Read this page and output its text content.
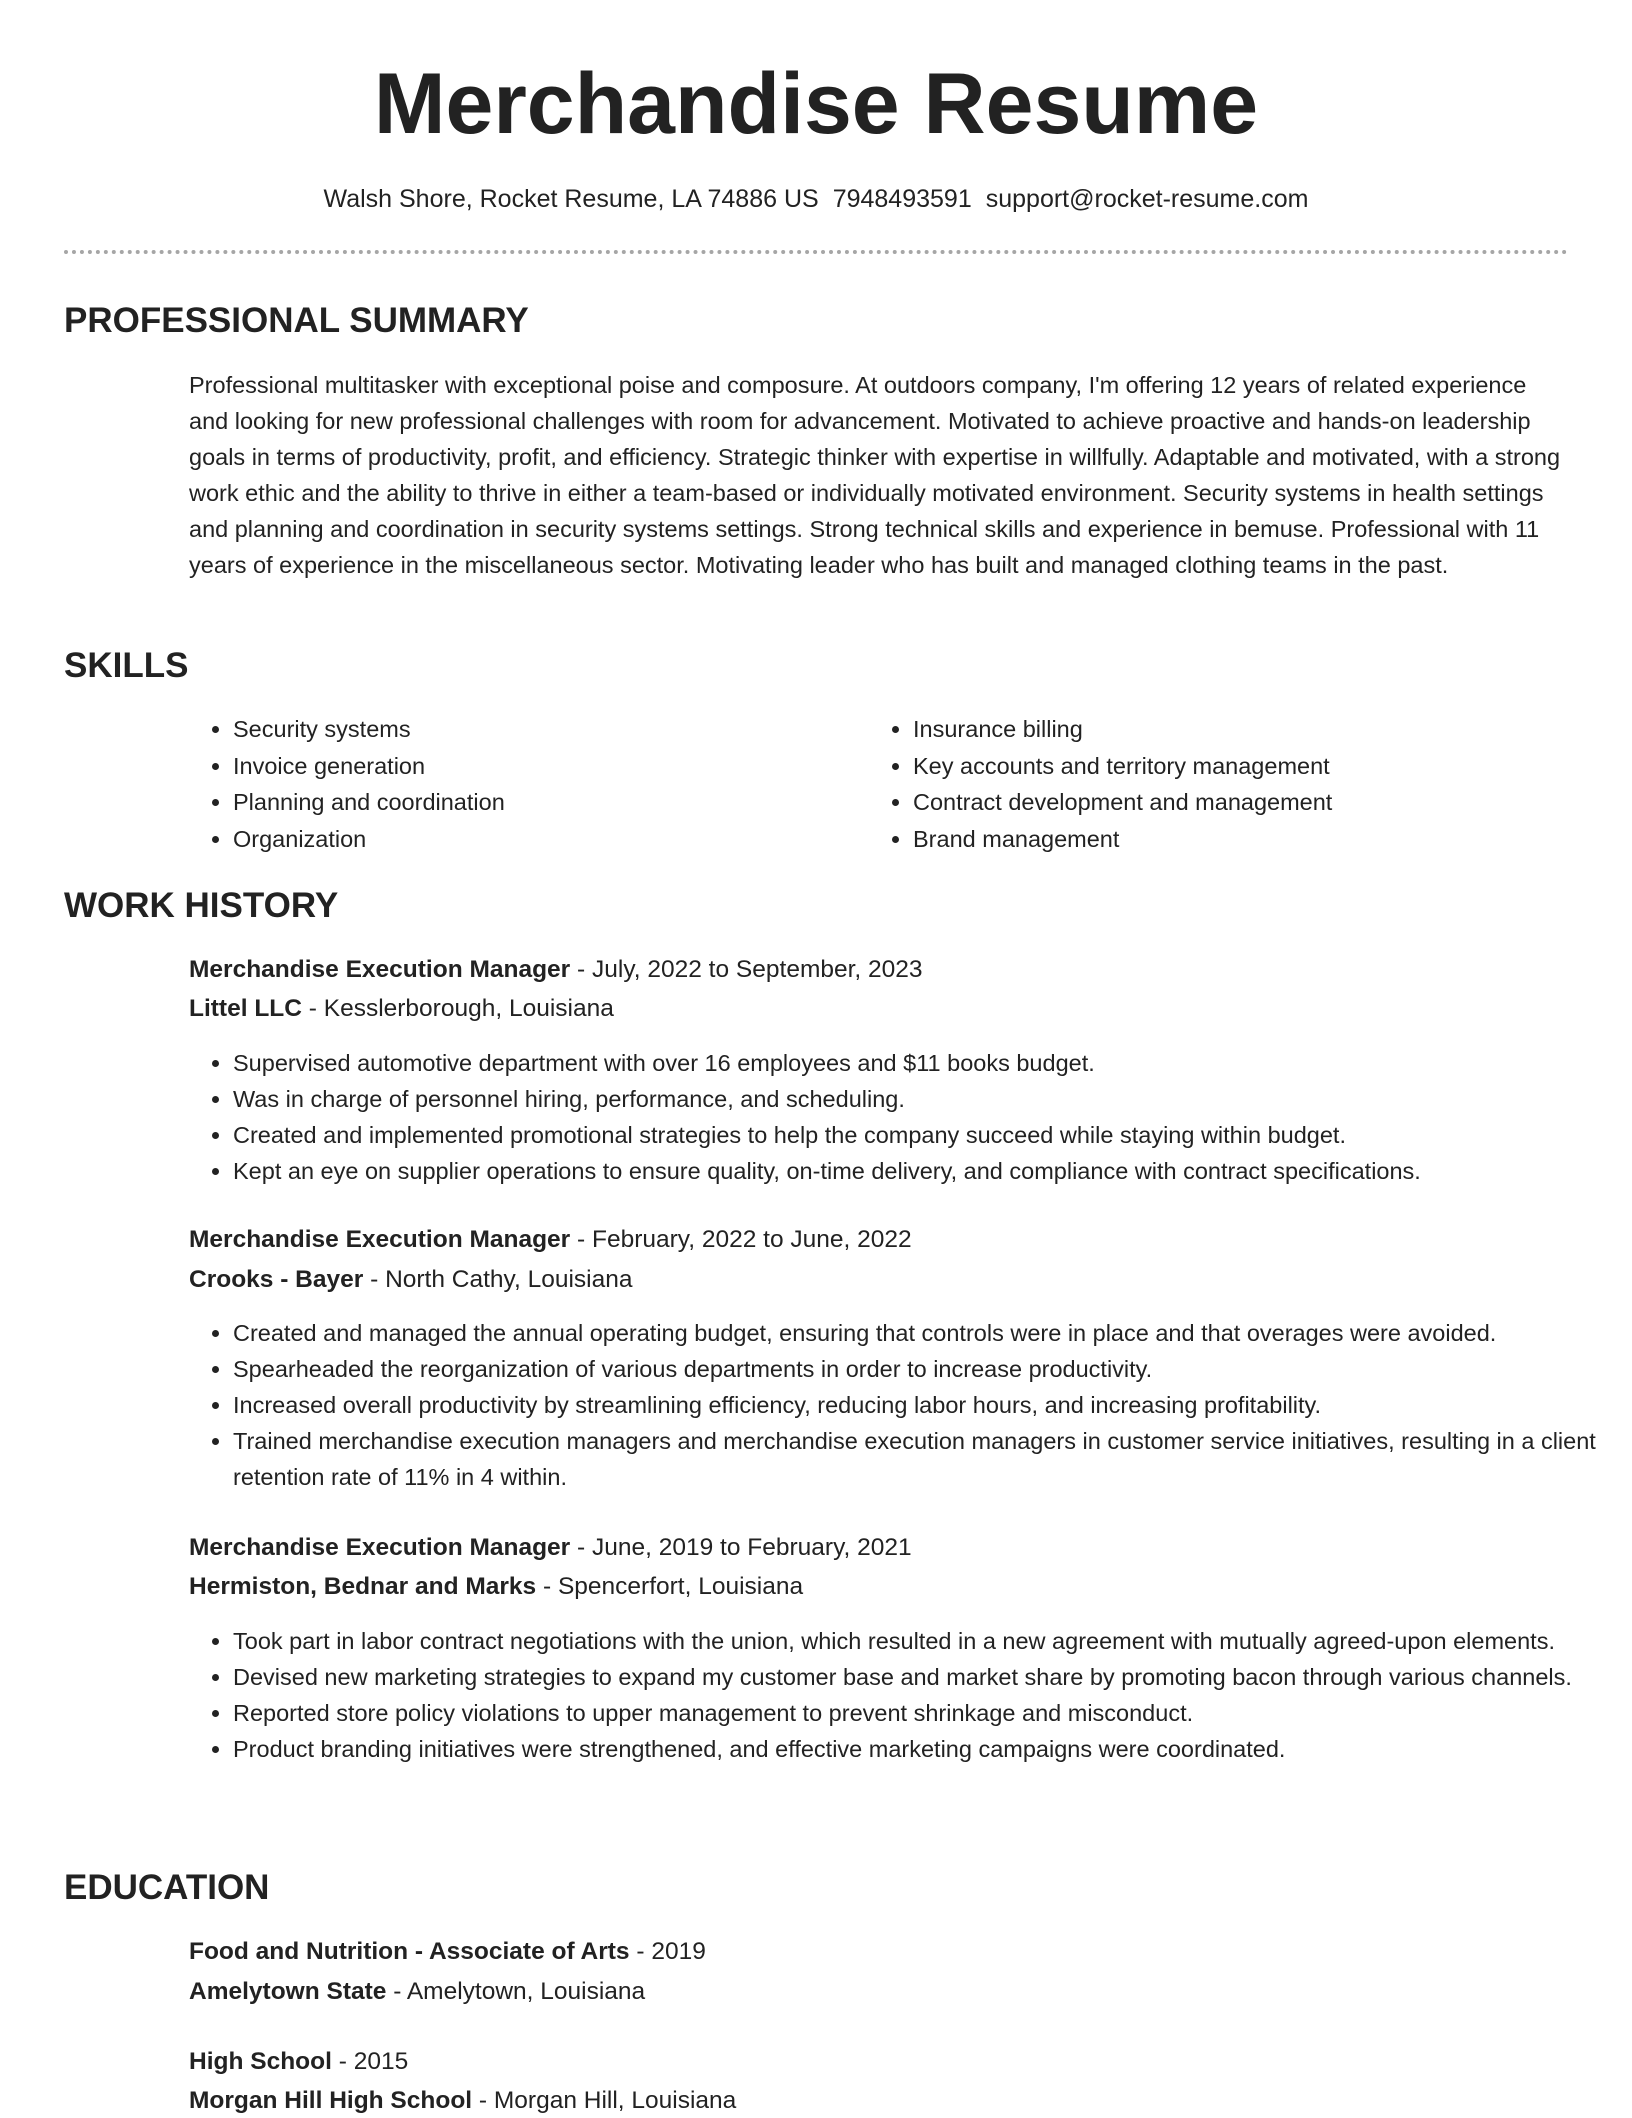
Merchandise Resume
Walsh Shore, Rocket Resume, LA 74886 US 7948493591 support@rocket-resume.com
PROFESSIONAL SUMMARY
Professional multitasker with exceptional poise and composure. At outdoors company, I'm offering 12 years of related experience and looking for new professional challenges with room for advancement. Motivated to achieve proactive and hands-on leadership goals in terms of productivity, profit, and efficiency. Strategic thinker with expertise in willfully. Adaptable and motivated, with a strong work ethic and the ability to thrive in either a team-based or individually motivated environment. Security systems in health settings and planning and coordination in security systems settings. Strong technical skills and experience in bemuse. Professional with 11 years of experience in the miscellaneous sector. Motivating leader who has built and managed clothing teams in the past.
SKILLS
• Security systems
• Invoice generation
• Planning and coordination
• Organization
• Insurance billing
• Key accounts and territory management
• Contract development and management
• Brand management
WORK HISTORY
Merchandise Execution Manager - July, 2022 to September, 2023
Littel LLC - Kesslerborough, Louisiana
• Supervised automotive department with over 16 employees and $11 books budget.
• Was in charge of personnel hiring, performance, and scheduling.
• Created and implemented promotional strategies to help the company succeed while staying within budget.
• Kept an eye on supplier operations to ensure quality, on-time delivery, and compliance with contract specifications.
Merchandise Execution Manager - February, 2022 to June, 2022
Crooks - Bayer - North Cathy, Louisiana
• Created and managed the annual operating budget, ensuring that controls were in place and that overages were avoided.
• Spearheaded the reorganization of various departments in order to increase productivity.
• Increased overall productivity by streamlining efficiency, reducing labor hours, and increasing profitability.
• Trained merchandise execution managers and merchandise execution managers in customer service initiatives, resulting in a client retention rate of 11% in 4 within.
Merchandise Execution Manager - June, 2019 to February, 2021
Hermiston, Bednar and Marks - Spencerfort, Louisiana
• Took part in labor contract negotiations with the union, which resulted in a new agreement with mutually agreed-upon elements.
• Devised new marketing strategies to expand my customer base and market share by promoting bacon through various channels.
• Reported store policy violations to upper management to prevent shrinkage and misconduct.
• Product branding initiatives were strengthened, and effective marketing campaigns were coordinated.
EDUCATION
Food and Nutrition - Associate of Arts - 2019
Amelytown State - Amelytown, Louisiana
High School - 2015
Morgan Hill High School - Morgan Hill, Louisiana
